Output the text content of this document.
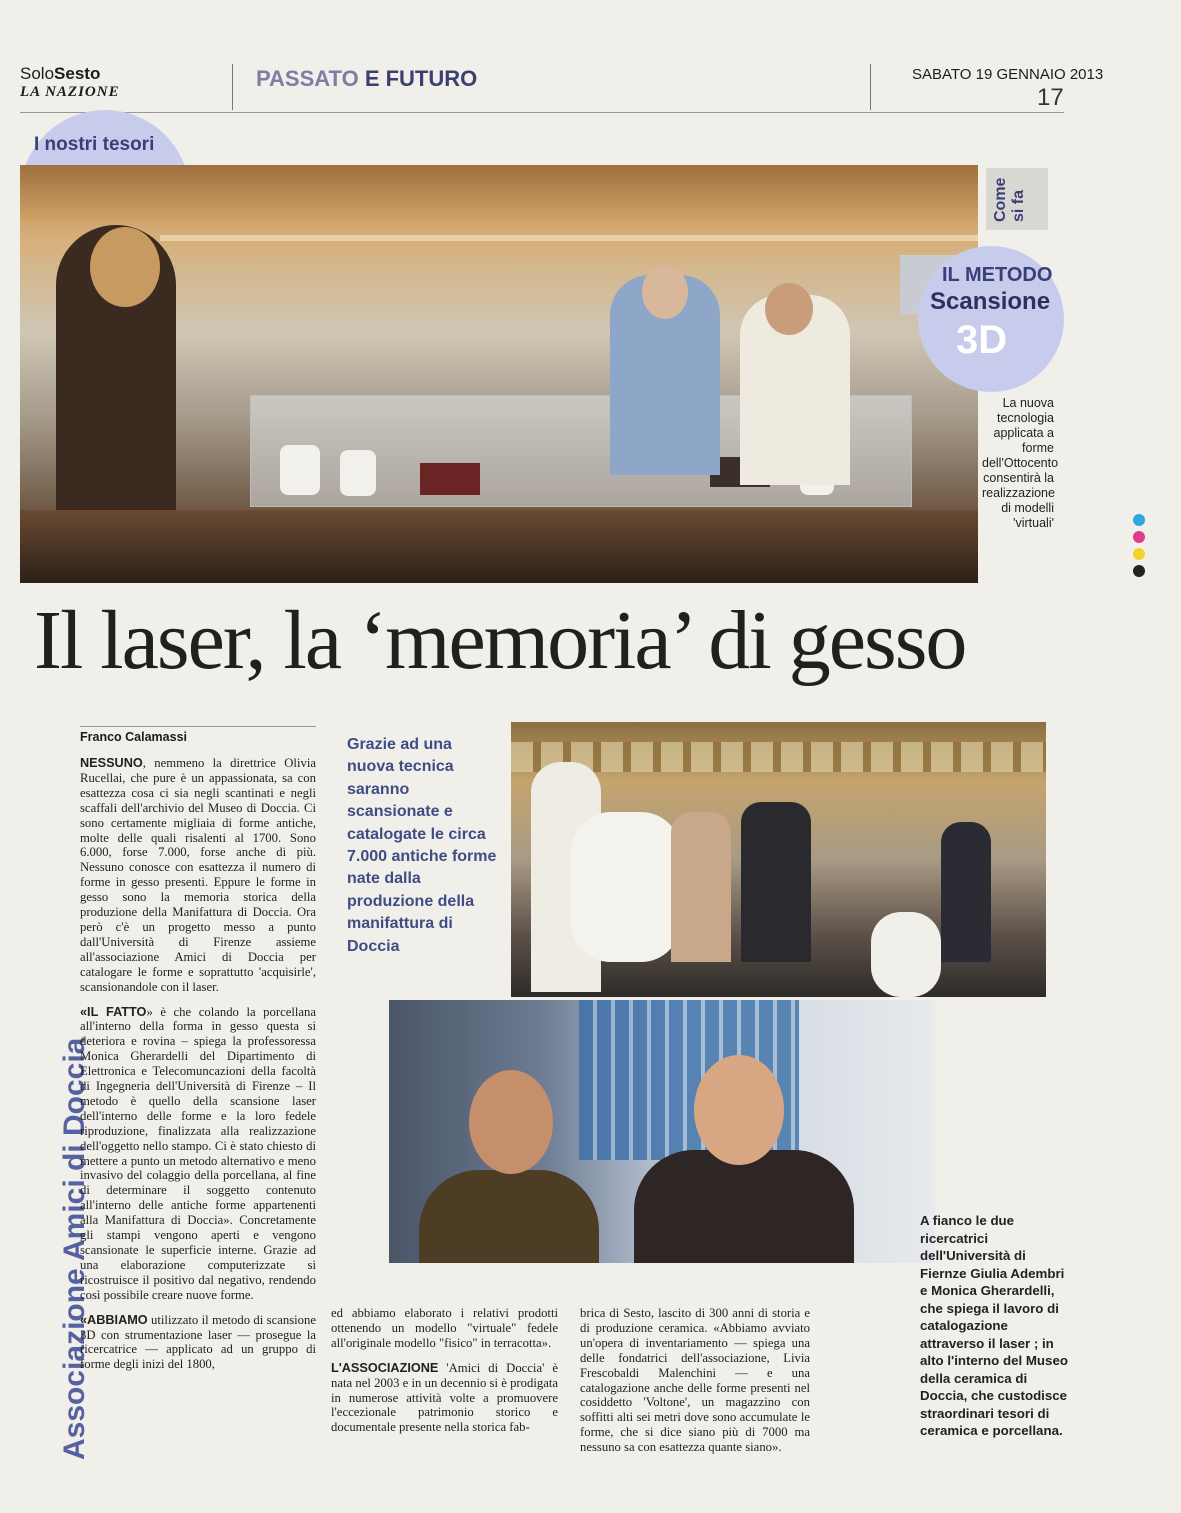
SoloSesto
LA NAZIONE
PASSATO E FUTURO	SABATO 19 GENNAIO 2013
17
I nostri tesori
Come si fa
IL METODO
Scansione
3D
La nuova tecnologia applicata a forme dell'Ottocento consentirà la realizzazione di modelli 'virtuali'
Il laser, la ‘memoria’ di gesso
Franco Calamassi	Grazie ad una nuova tecnica saranno scansionate e catalogate le circa 7.000 antiche forme nate dalla produzione della manifattura di Doccia
Associazione Amici di Doccia

NESSUNO, nemmeno la direttrice Olivia Rucellai, che pure è un appassionata, sa con esattezza cosa ci sia negli scantinati e negli scaffali dell'archivio del Museo di Doccia. Ci sono certamente migliaia di forme antiche, molte delle quali risalenti al 1700. Sono 6.000, forse 7.000, forse anche di più. Nessuno conosce con esattezza il numero di forme in gesso presenti. Eppure le forme in gesso sono la memoria storica della produzione della Manifattura di Doccia. Ora però c'è un progetto messo a punto dall'Università di Firenze assieme all'associazione Amici di Doccia per catalogare le forme e soprattutto 'acquisirle', scansionandole con il laser.

«IL FATTO» è che colando la porcellana all'interno della forma in gesso questa si deteriora e rovina – spiega la professoressa Monica Gherardelli del Dipartimento di Elettronica e Telecomuncazioni della facoltà di Ingegneria dell'Università di Firenze – Il metodo è quello della scansione laser dell'interno delle forme e la loro fedele riproduzione, finalizzata alla realizzazione dell'oggetto nello stampo. Ci è stato chiesto di mettere a punto un metodo alternativo e meno invasivo del colaggio della porcellana, al fine di determinare il soggetto contenuto all'interno delle antiche forme appartenenti alla Manifattura di Doccia». Concretamente gli stampi vengono aperti e vengono scansionate le superficie interne. Grazie ad una elaborazione computerizzate si ricostruisce il positivo dal negativo, rendendo così possibile creare nuove forme.

«ABBIAMO utilizzato il metodo di scansione 3D con strumentazione laser — prosegue la ricercatrice — applicato ad un gruppo di forme degli inizi del 1800,

ed abbiamo elaborato i relativi prodotti ottenendo un modello "virtuale" fedele all'originale modello "fisico" in terracotta».

L'ASSOCIAZIONE 'Amici di Doccia' è nata nel 2003 e in un decennio si è prodigata in numerose attività volte a promuovere l'eccezionale patrimonio storico e documentale presente nella storica fab-

brica di Sesto, lascito di 300 anni di storia e di produzione ceramica. «Abbiamo avviato un'opera di inventariamento — spiega una delle fondatrici dell'associazione, Livia Frescobaldi Malenchini — e una catalogazione anche delle forme presenti nel cosiddetto 'Voltone', un magazzino con soffitti alti sei metri dove sono accumulate le forme, che si dice siano più di 7000 ma nessuno sa con esattezza quante siano».

A fianco le due ricercatrici dell'Università di Fiernze Giulia Adembri e Monica Gherardelli, che spiega il lavoro di catalogazione attraverso il laser ; in alto l'interno del Museo della ceramica di Doccia, che custodisce straordinari tesori di ceramica e porcellana.
